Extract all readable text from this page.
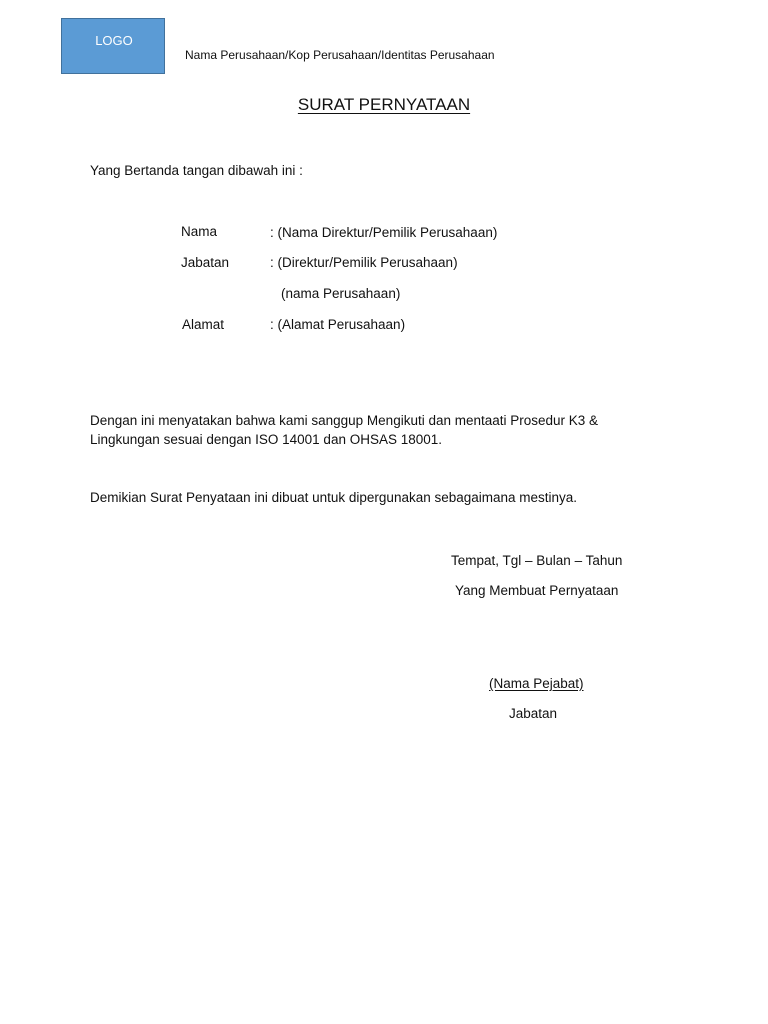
LOGO
Nama Perusahaan/Kop Perusahaan/Identitas Perusahaan
SURAT PERNYATAAN
Yang Bertanda tangan dibawah ini :
Nama	: (Nama Direktur/Pemilik Perusahaan)
Jabatan	: (Direktur/Pemilik Perusahaan)
(nama Perusahaan)
Alamat	: (Alamat Perusahaan)
Dengan ini menyatakan bahwa kami sanggup Mengikuti dan mentaati Prosedur K3 & Lingkungan sesuai dengan ISO 14001 dan OHSAS 18001.
Demikian Surat Penyataan ini dibuat untuk dipergunakan sebagaimana mestinya.
Tempat, Tgl – Bulan – Tahun
Yang Membuat Pernyataan
(Nama Pejabat)
Jabatan
